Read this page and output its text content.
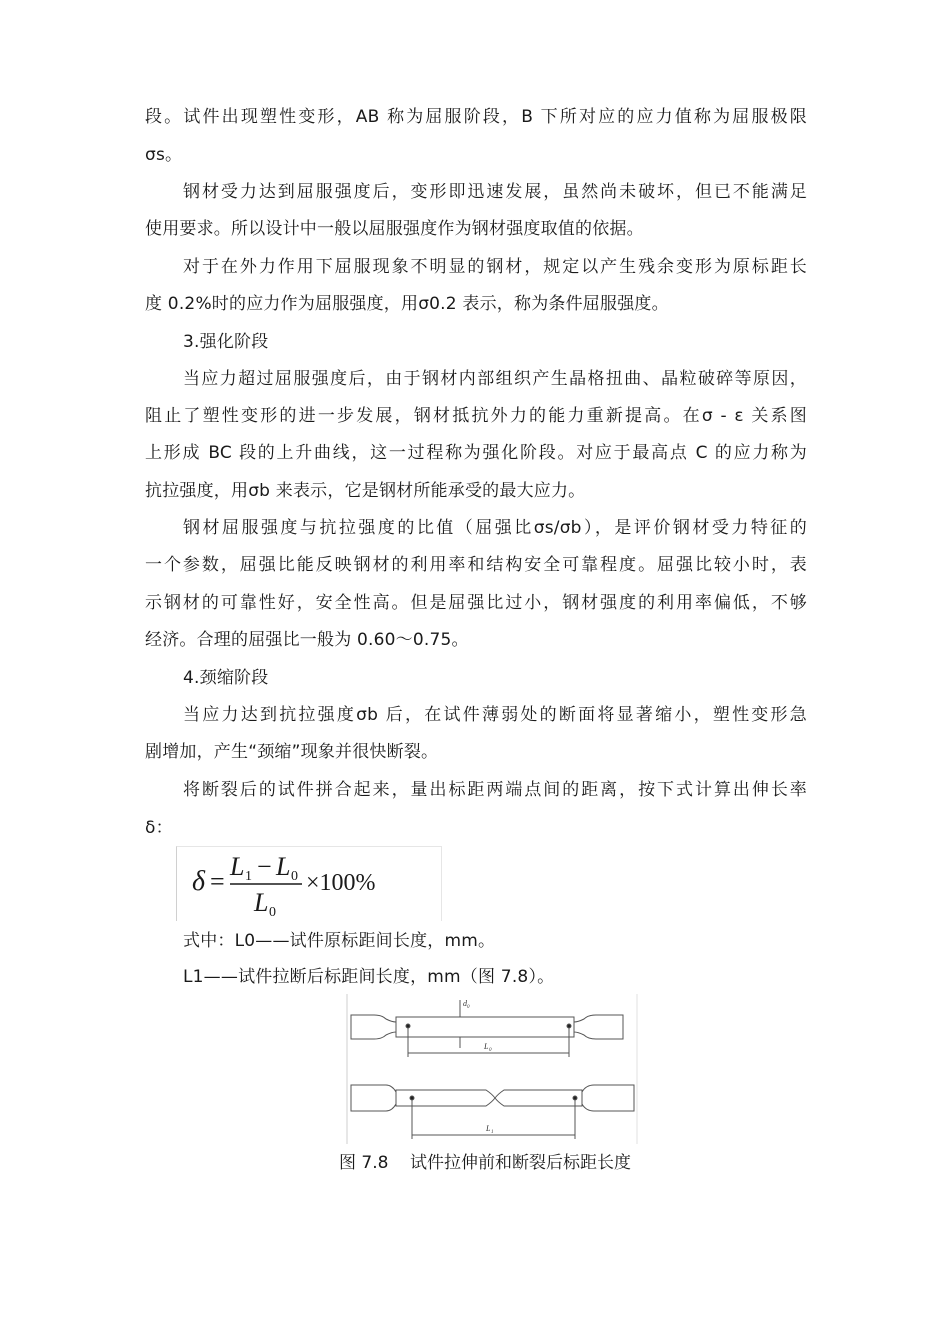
段。试件出现塑性变形，AB 称为屈服阶段，B 下所对应的应力值称为屈服极限
σs。
钢材受力达到屈服强度后，变形即迅速发展，虽然尚未破坏，但已不能满足
使用要求。所以设计中一般以屈服强度作为钢材强度取值的依据。
对于在外力作用下屈服现象不明显的钢材，规定以产生残余变形为原标距长
度 0.2%时的应力作为屈服强度，用σ0.2 表示，称为条件屈服强度。
3.强化阶段
当应力超过屈服强度后，由于钢材内部组织产生晶格扭曲、晶粒破碎等原因，
阻止了塑性变形的进一步发展，钢材抵抗外力的能力重新提高。在σ - ε 关系图
上形成 BC 段的上升曲线，这一过程称为强化阶段。对应于最高点 C 的应力称为
抗拉强度，用σb 来表示，它是钢材所能承受的最大应力。
钢材屈服强度与抗拉强度的比值（屈强比σs/σb），是评价钢材受力特征的
一个参数，屈强比能反映钢材的利用率和结构安全可靠程度。屈强比较小时，表
示钢材的可靠性好，安全性高。但是屈强比过小，钢材强度的利用率偏低，不够
经济。合理的屈强比一般为 0.60～0.75。
4.颈缩阶段
当应力达到抗拉强度σb 后，在试件薄弱处的断面将显著缩小，塑性变形急
剧增加，产生“颈缩”现象并很快断裂。
将断裂后的试件拼合起来，量出标距两端点间的距离，按下式计算出伸长率
δ：
δ =
L 1 − L 0
L 0
×100%
式中：L0——试件原标距间长度，mm。
L1——试件拉断后标距间长度，mm（图 7.8）。
d 0
L 0
L 1
图 7.8    试件拉伸前和断裂后标距长度
